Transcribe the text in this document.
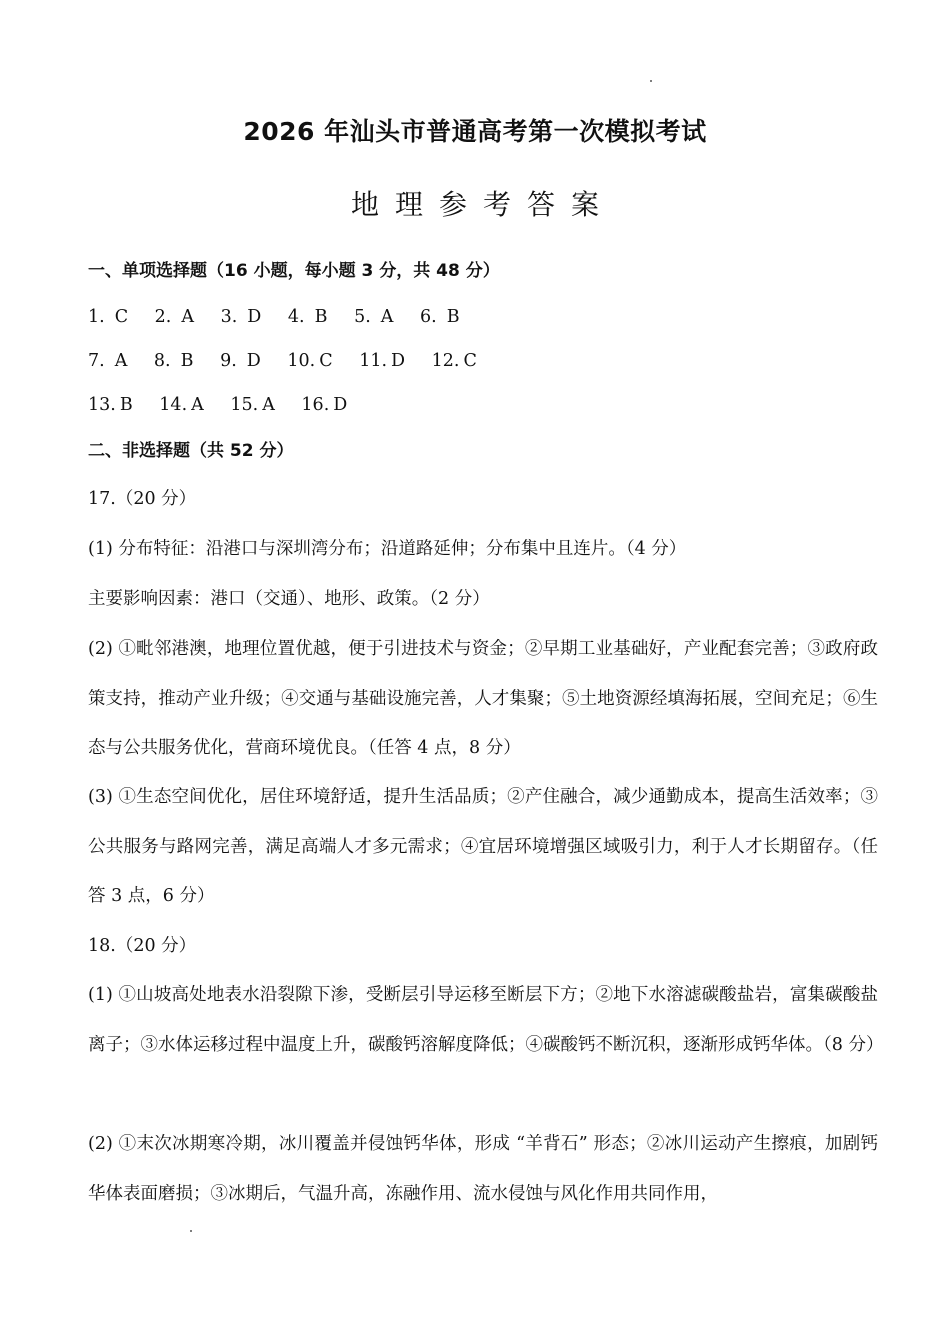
2026 年汕头市普通高考第一次模拟考试
地理参考答案
一、单项选择题（16 小题，每小题 3 分，共 48 分）
1. C 2. A 3. D 4. B 5. A 6. B
7. A 8. B 9. D 10. C 11. D 12. C
13. B 14. A 15. A 16. D
二、非选择题（共 52 分）
17.（20 分）
(1) 分布特征：沿港口与深圳湾分布；沿道路延伸；分布集中且连片。（4 分）
主要影响因素：港口（交通）、地形、政策。（2 分）
(2) ①毗邻港澳，地理位置优越，便于引进技术与资金；②早期工业基础好，产业配套完善；③政府政策支持，推动产业升级；④交通与基础设施完善，人才集聚；⑤土地资源经填海拓展，空间充足；⑥生态与公共服务优化，营商环境优良。（任答 4 点，8 分）
(3) ①生态空间优化，居住环境舒适，提升生活品质；②产住融合，减少通勤成本，提高生活效率；③公共服务与路网完善，满足高端人才多元需求；④宜居环境增强区域吸引力，利于人才长期留存。（任答 3 点，6 分）
18.（20 分）
(1) ①山坡高处地表水沿裂隙下渗，受断层引导运移至断层下方；②地下水溶滤碳酸盐岩，富集碳酸盐离子；③水体运移过程中温度上升，碳酸钙溶解度降低；④碳酸钙不断沉积，逐渐形成钙华体。（8 分）
(2) ①末次冰期寒冷期，冰川覆盖并侵蚀钙华体，形成 “羊背石” 形态；②冰川运动产生擦痕，加剧钙华体表面磨损；③冰期后，气温升高，冻融作用、流水侵蚀与风化作用共同作用，
